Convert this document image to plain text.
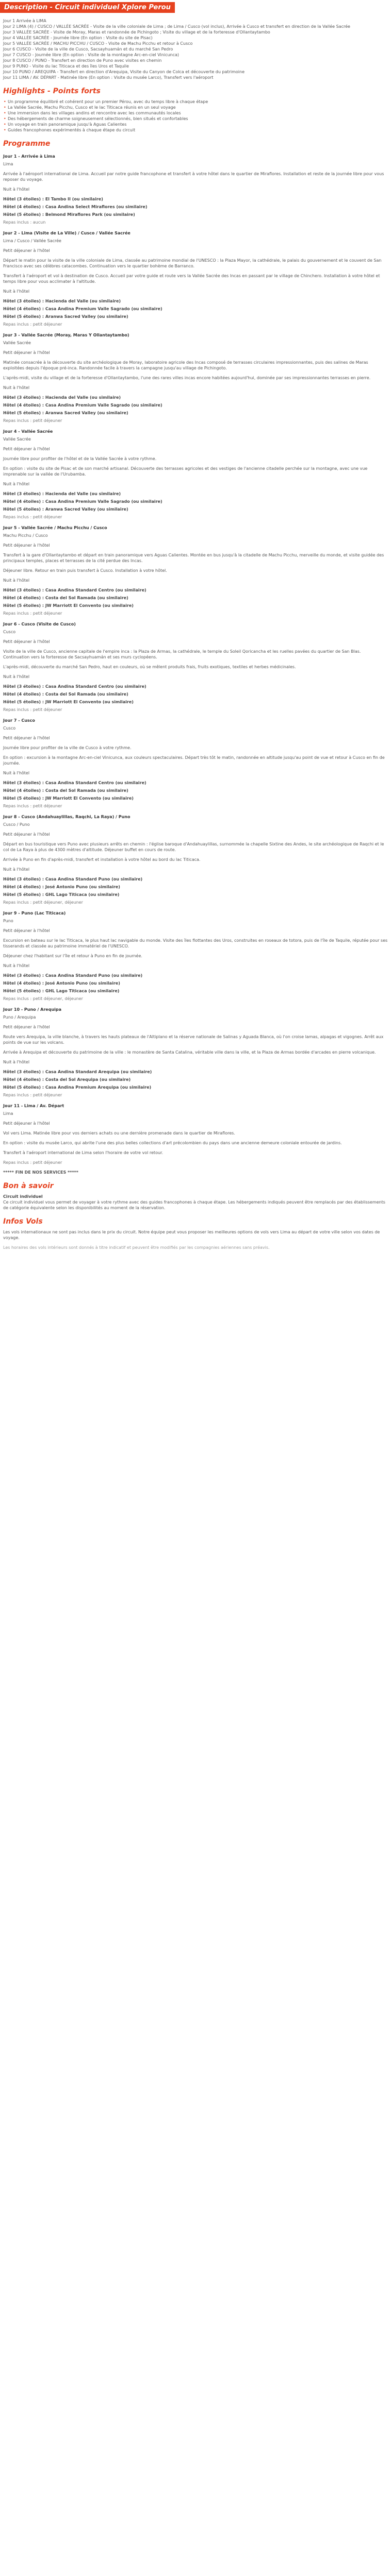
Description - Circuit individuel Xplore Perou
Jour 1 Arrivée à LIMA
Jour 2 LIMA (4) / CUSCO / VALLÉE SACRÉE - Visite de la ville coloniale de Lima ; de Lima / Cusco (vol inclus), Arrivée à Cusco et transfert en direction de la Vallée Sacrée
Jour 3 VALLÉE SACRÉE - Visite de Moray, Maras et randonnée de Pichingoto ; Visite du village et de la forteresse d'Ollantaytambo
Jour 4 VALLÉE SACRÉE - Journée libre (En option : Visite du site de Pisac)
Jour 5 VALLÉE SACRÉE / MACHU PICCHU / CUSCO - Visite de Machu Picchu et retour à Cusco
Jour 6 CUSCO - Visite de la ville de Cusco, Sacsayhuamán et du marché San Pedro
Jour 7 CUSCO - Journée libre (En option : Visite de la montagne Arc-en-ciel Vinicunca)
Jour 8 CUSCO / PUNO - Transfert en direction de Puno avec visites en chemin
Jour 9 PUNO - Visite du lac Titicaca et des îles Uros et Taquile
Jour 10 PUNO / AREQUIPA - Transfert en direction d'Arequipa, Visite du Canyon de Colca et découverte du patrimoine
Jour 11 LIMA / AV. DÉPART - Matinée libre (En option : Visite du musée Larco), Transfert vers l'aéroport
Highlights - Points forts
• Un programme équilibré et cohérent pour un premier Pérou, avec du temps libre à chaque étape
• La Vallée Sacrée, Machu Picchu, Cusco et le lac Titicaca réunis en un seul voyage
• Une immersion dans les villages andins et rencontre avec les communautés locales
• Des hébergements de charme soigneusement sélectionnés, bien situés et confortables
• Un voyage en train panoramique jusqu'à Aguas Calientes
• Guides francophones expérimentés à chaque étape du circuit
Programme
Jour 1 - Arrivée à Lima

Lima

Arrivée à l'aéroport international de Lima. Accueil par notre guide francophone et transfert à votre hôtel dans le quartier de Miraflores. Installation et reste de la journée libre pour vous reposer du voyage.

Nuit à l'hôtel

Hôtel (3 étoiles) : El Tambo II (ou similaire)
Hôtel (4 étoiles) : Casa Andina Select Miraflores (ou similaire)
Hôtel (5 étoiles) : Belmond Miraflores Park (ou similaire)

Repas inclus : aucun

Jour 2 - Lima (Visite de La Ville) / Cusco / Vallée Sacrée

Lima / Cusco / Vallée Sacrée

Petit déjeuner à l'hôtel

Départ le matin pour la visite de la ville coloniale de Lima, classée au patrimoine mondial de l'UNESCO : la Plaza Mayor, la cathédrale, le palais du gouvernement et le couvent de San Francisco avec ses célèbres catacombes. Continuation vers le quartier bohème de Barranco.

Transfert à l'aéroport et vol à destination de Cusco. Accueil par votre guide et route vers la Vallée Sacrée des Incas en passant par le village de Chinchero. Installation à votre hôtel et temps libre pour vous acclimater à l'altitude.

Nuit à l'hôtel

Hôtel (3 étoiles) : Hacienda del Valle (ou similaire)
Hôtel (4 étoiles) : Casa Andina Premium Valle Sagrado (ou similaire)
Hôtel (5 étoiles) : Aranwa Sacred Valley (ou similaire)

Repas inclus : petit déjeuner

Jour 3 - Vallée Sacrée (Moray, Maras Y Ollantaytambo)

Vallée Sacrée

Petit déjeuner à l'hôtel

Matinée consacrée à la découverte du site archéologique de Moray, laboratoire agricole des Incas composé de terrasses circulaires impressionnantes, puis des salines de Maras exploitées depuis l'époque pré-inca. Randonnée facile à travers la campagne jusqu'au village de Pichingoto.

L'après-midi, visite du village et de la forteresse d'Ollantaytambo, l'une des rares villes incas encore habitées aujourd'hui, dominée par ses impressionnantes terrasses en pierre.

Nuit à l'hôtel

Hôtel (3 étoiles) : Hacienda del Valle (ou similaire)
Hôtel (4 étoiles) : Casa Andina Premium Valle Sagrado (ou similaire)
Hôtel (5 étoiles) : Aranwa Sacred Valley (ou similaire)

Repas inclus : petit déjeuner

Jour 4 - Vallée Sacrée

Vallée Sacrée

Petit déjeuner à l'hôtel

Journée libre pour profiter de l'hôtel et de la Vallée Sacrée à votre rythme.

En option : visite du site de Pisac et de son marché artisanal. Découverte des terrasses agricoles et des vestiges de l'ancienne citadelle perchée sur la montagne, avec une vue imprenable sur la vallée de l'Urubamba.

Nuit à l'hôtel

Hôtel (3 étoiles) : Hacienda del Valle (ou similaire)
Hôtel (4 étoiles) : Casa Andina Premium Valle Sagrado (ou similaire)
Hôtel (5 étoiles) : Aranwa Sacred Valley (ou similaire)

Repas inclus : petit déjeuner

Jour 5 - Vallée Sacrée / Machu Picchu / Cusco

Machu Picchu / Cusco

Petit déjeuner à l'hôtel

Transfert à la gare d'Ollantaytambo et départ en train panoramique vers Aguas Calientes. Montée en bus jusqu'à la citadelle de Machu Picchu, merveille du monde, et visite guidée des principaux temples, places et terrasses de la cité perdue des Incas.

Déjeuner libre. Retour en train puis transfert à Cusco. Installation à votre hôtel.

Nuit à l'hôtel

Hôtel (3 étoiles) : Casa Andina Standard Centro (ou similaire)
Hôtel (4 étoiles) : Costa del Sol Ramada (ou similaire)
Hôtel (5 étoiles) : JW Marriott El Convento (ou similaire)

Repas inclus : petit déjeuner

Jour 6 - Cusco (Visite de Cusco)

Cusco

Petit déjeuner à l'hôtel

Visite de la ville de Cusco, ancienne capitale de l'empire inca : la Plaza de Armas, la cathédrale, le temple du Soleil Qoricancha et les ruelles pavées du quartier de San Blas. Continuation vers la forteresse de Sacsayhuamán et ses murs cyclopéens.

L'après-midi, découverte du marché San Pedro, haut en couleurs, où se mêlent produits frais, fruits exotiques, textiles et herbes médicinales.

Nuit à l'hôtel

Hôtel (3 étoiles) : Casa Andina Standard Centro (ou similaire)
Hôtel (4 étoiles) : Costa del Sol Ramada (ou similaire)
Hôtel (5 étoiles) : JW Marriott El Convento (ou similaire)

Repas inclus : petit déjeuner

Jour 7 - Cusco

Cusco

Petit déjeuner à l'hôtel

Journée libre pour profiter de la ville de Cusco à votre rythme.

En option : excursion à la montagne Arc-en-ciel Vinicunca, aux couleurs spectaculaires. Départ très tôt le matin, randonnée en altitude jusqu'au point de vue et retour à Cusco en fin de journée.

Nuit à l'hôtel

Hôtel (3 étoiles) : Casa Andina Standard Centro (ou similaire)
Hôtel (4 étoiles) : Costa del Sol Ramada (ou similaire)
Hôtel (5 étoiles) : JW Marriott El Convento (ou similaire)

Repas inclus : petit déjeuner

Jour 8 - Cusco (Andahuaylillas, Raqchi, La Raya) / Puno

Cusco / Puno

Petit déjeuner à l'hôtel

Départ en bus touristique vers Puno avec plusieurs arrêts en chemin : l'église baroque d'Andahuaylillas, surnommée la chapelle Sixtine des Andes, le site archéologique de Raqchi et le col de La Raya à plus de 4300 mètres d'altitude. Déjeuner buffet en cours de route.

Arrivée à Puno en fin d'après-midi, transfert et installation à votre hôtel au bord du lac Titicaca.

Nuit à l'hôtel

Hôtel (3 étoiles) : Casa Andina Standard Puno (ou similaire)
Hôtel (4 étoiles) : José Antonio Puno (ou similaire)
Hôtel (5 étoiles) : GHL Lago Titicaca (ou similaire)

Repas inclus : petit déjeuner, déjeuner

Jour 9 - Puno (Lac Titicaca)

Puno

Petit déjeuner à l'hôtel

Excursion en bateau sur le lac Titicaca, le plus haut lac navigable du monde. Visite des îles flottantes des Uros, construites en roseaux de totora, puis de l'île de Taquile, réputée pour ses tisserands et classée au patrimoine immatériel de l'UNESCO.

Déjeuner chez l'habitant sur l'île et retour à Puno en fin de journée.

Nuit à l'hôtel

Hôtel (3 étoiles) : Casa Andina Standard Puno (ou similaire)
Hôtel (4 étoiles) : José Antonio Puno (ou similaire)
Hôtel (5 étoiles) : GHL Lago Titicaca (ou similaire)

Repas inclus : petit déjeuner, déjeuner

Jour 10 - Puno / Arequipa

Puno / Arequipa

Petit déjeuner à l'hôtel

Route vers Arequipa, la ville blanche, à travers les hauts plateaux de l'Altiplano et la réserve nationale de Salinas y Aguada Blanca, où l'on croise lamas, alpagas et vigognes. Arrêt aux points de vue sur les volcans.

Arrivée à Arequipa et découverte du patrimoine de la ville : le monastère de Santa Catalina, véritable ville dans la ville, et la Plaza de Armas bordée d'arcades en pierre volcanique.

Nuit à l'hôtel

Hôtel (3 étoiles) : Casa Andina Standard Arequipa (ou similaire)
Hôtel (4 étoiles) : Costa del Sol Arequipa (ou similaire)
Hôtel (5 étoiles) : Casa Andina Premium Arequipa (ou similaire)

Repas inclus : petit déjeuner

Jour 11 - Lima / Av. Départ

Lima

Petit déjeuner à l'hôtel

Vol vers Lima. Matinée libre pour vos derniers achats ou une dernière promenade dans le quartier de Miraflores.

En option : visite du musée Larco, qui abrite l'une des plus belles collections d'art précolombien du pays dans une ancienne demeure coloniale entourée de jardins.

Transfert à l'aéroport international de Lima selon l'horaire de votre vol retour.

Repas inclus : petit déjeuner

***** FIN DE NOS SERVICES *****

Bon à savoir
Circuit individuel

Ce circuit individuel vous permet de voyager à votre rythme avec des guides francophones à chaque étape. Les hébergements indiqués peuvent être remplacés par des établissements de catégorie équivalente selon les disponibilités au moment de la réservation.

Infos Vols

Les vols internationaux ne sont pas inclus dans le prix du circuit. Notre équipe peut vous proposer les meilleures options de vols vers Lima au départ de votre ville selon vos dates de voyage.

Les horaires des vols intérieurs sont donnés à titre indicatif et peuvent être modifiés par les compagnies aériennes sans préavis.
